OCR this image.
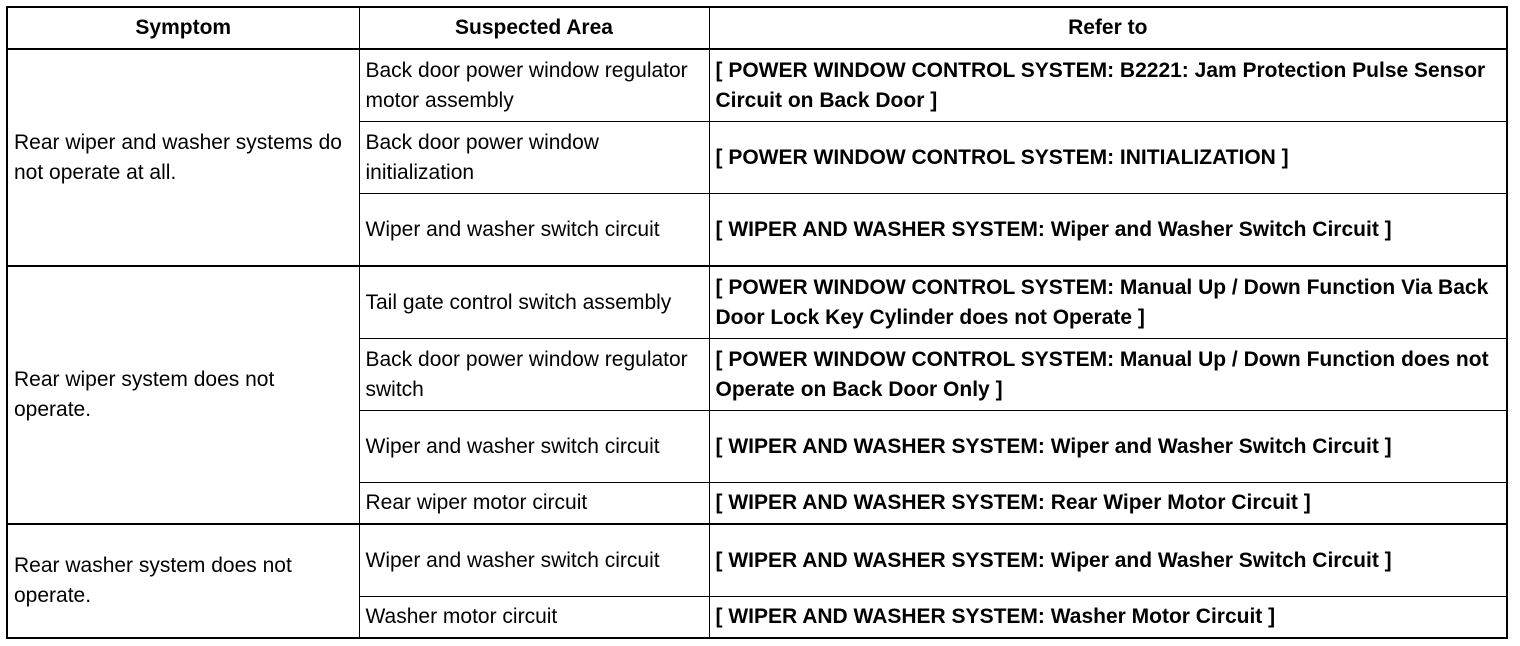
Symptom	Suspected Area	Refer to
Rear wiper and washer systems do not operate at all.	Back door power window regulator motor assembly	[ POWER WINDOW CONTROL SYSTEM: B2221: Jam Protection Pulse Sensor Circuit on Back Door ]
	Back door power window initialization	[ POWER WINDOW CONTROL SYSTEM: INITIALIZATION ]
	Wiper and washer switch circuit	[ WIPER AND WASHER SYSTEM: Wiper and Washer Switch Circuit ]
Rear wiper system does not operate.	Tail gate control switch assembly	[ POWER WINDOW CONTROL SYSTEM: Manual Up / Down Function Via Back Door Lock Key Cylinder does not Operate ]
	Back door power window regulator switch	[ POWER WINDOW CONTROL SYSTEM: Manual Up / Down Function does not Operate on Back Door Only ]
	Wiper and washer switch circuit	[ WIPER AND WASHER SYSTEM: Wiper and Washer Switch Circuit ]
	Rear wiper motor circuit	[ WIPER AND WASHER SYSTEM: Rear Wiper Motor Circuit ]
Rear washer system does not operate.	Wiper and washer switch circuit	[ WIPER AND WASHER SYSTEM: Wiper and Washer Switch Circuit ]
	Washer motor circuit	[ WIPER AND WASHER SYSTEM: Washer Motor Circuit ]
